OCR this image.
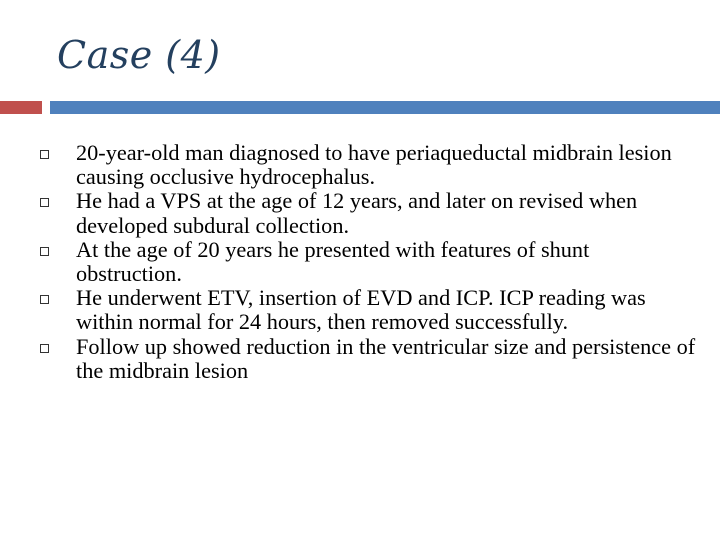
Case (4)
20-year-old man diagnosed to have periaqueductal midbrain lesion causing occlusive hydrocephalus.
He had a VPS at the age of 12 years, and later on revised when developed subdural collection.
At the age of 20 years he presented with features of shunt obstruction.
He underwent ETV, insertion of EVD and ICP. ICP reading was within normal for 24 hours, then removed successfully.
Follow up showed reduction in the ventricular size and persistence of the midbrain lesion
